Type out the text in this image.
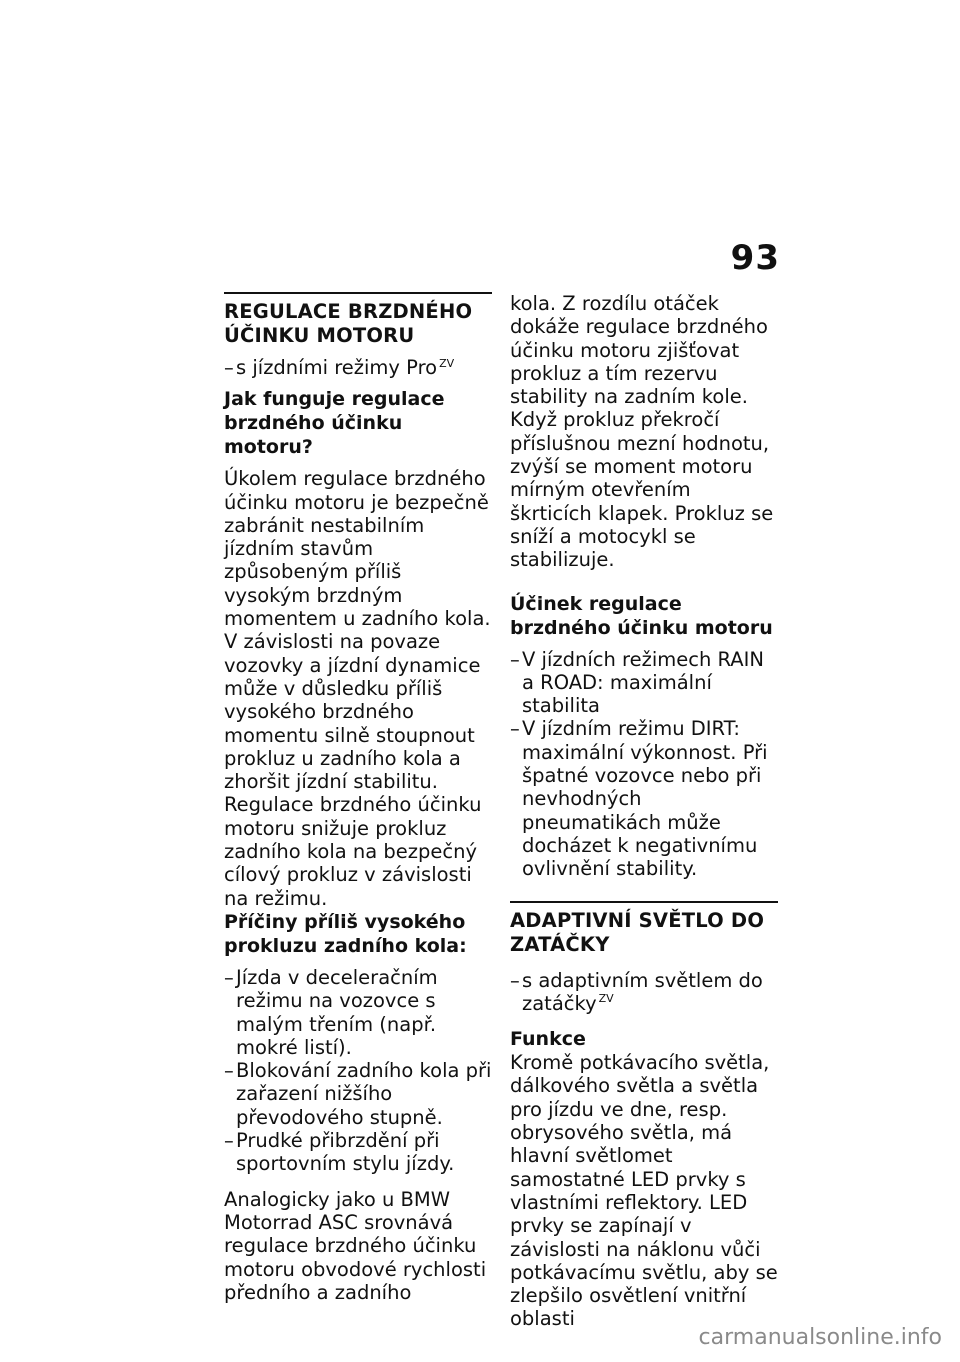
93
REGULACE BRZDNÉHO ÚČINKU MOTORU
– s jízdními režimy Pro $^{ZV}$
Jak funguje regulace brzdného účinku motoru?

Úkolem regulace brzdného účinku motoru je bezpečně zabránit nestabilním jízdním stavům způsobeným příliš vysokým brzdným momentem u zadního kola. V závislosti na povaze vozovky a jízdní dynamice může v důsledku příliš vysokého brzdného momentu silně stoupnout prokluz u zadního kola a zhoršit jízdní stabilitu. Regulace brzdného účinku motoru snižuje prokluz zadního kola na bezpečný cílový prokluz v závislosti na režimu.

Příčiny příliš vysokého prokluzu zadního kola:
– Jízda v deceleračním režimu na vozovce s malým třením (např. mokré listí).
– Blokování zadního kola při zařazení nižšího převodového stupně.
– Prudké přibrzdění při sportovním stylu jízdy.

Analogicky jako u BMW Motorrad ASC srovnává regulace brzdného účinku motoru obvodové rychlosti předního a zadního

kola. Z rozdílu otáček dokáže regulace brzdného účinku motoru zjišťovat prokluz a tím rezervu stability na zadním kole. Když prokluz překročí příslušnou mezní hodnotu, zvýší se moment motoru mírným otevřením škrticích klapek. Prokluz se sníží a motocykl se stabilizuje.

Účinek regulace brzdného účinku motoru
– V jízdních režimech RAIN a ROAD: maximální stabilita
– V jízdním režimu DIRT: maximální výkonnost. Při špatné vozovce nebo při nevhodných pneumatikách může docházet k negativnímu ovlivnění stability.
ADAPTIVNÍ SVĚTLO DO ZATÁČKY
– s adaptivním světlem do zatáčky $^{ZV}$
Funkce

Kromě potkávacího světla, dálkového světla a světla pro jízdu ve dne, resp. obrysového světla, má hlavní světlomet samostatné LED prvky s vlastními reflektory. LED prvky se zapínají v závislosti na náklonu vůči potkávacímu světlu, aby se zlepšilo osvětlení vnitřní oblasti

carmanualsonline.info
